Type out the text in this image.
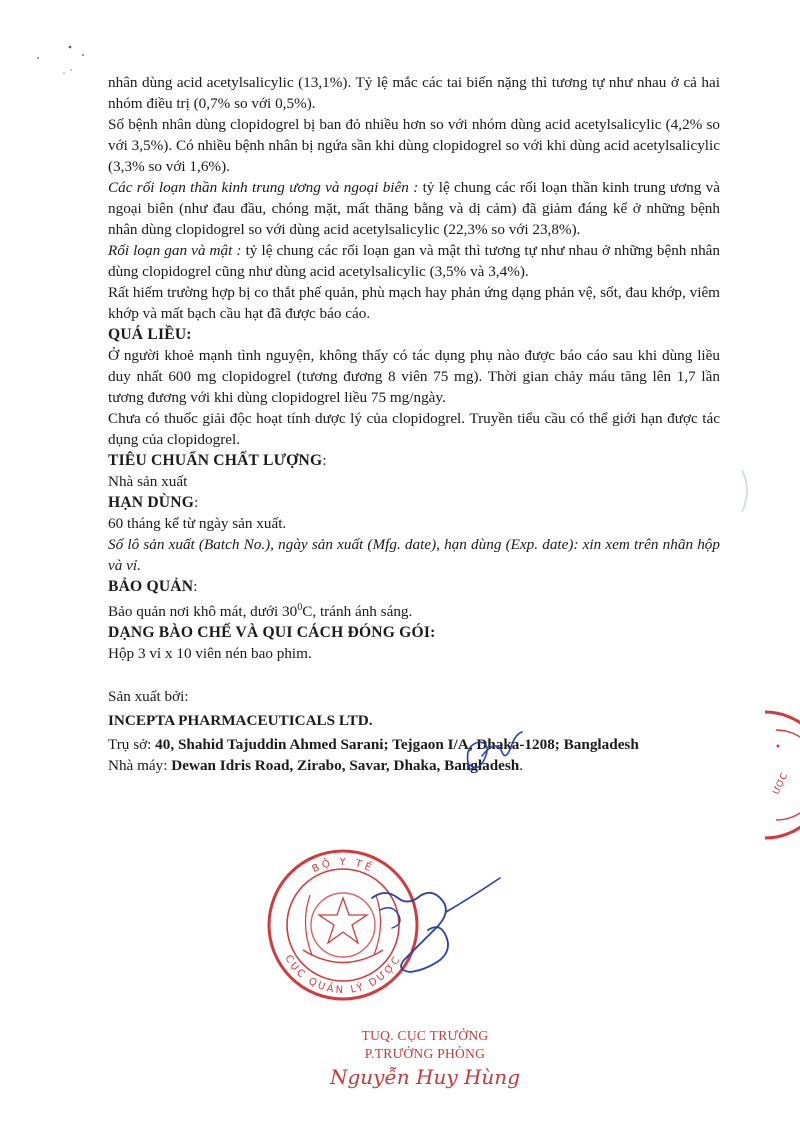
nhân dùng acid acetylsalicylic (13,1%). Tỷ lệ mắc các tai biến nặng thì tương tự như nhau ở cả hai nhóm điều trị (0,7% so với 0,5%).

Số bệnh nhân dùng clopidogrel bị ban đỏ nhiều hơn so với nhóm dùng acid acetylsalicylic (4,2% so với 3,5%). Có nhiều bệnh nhân bị ngứa sần khi dùng clopidogrel so với khi dùng acid acetylsalicylic (3,3% so với 1,6%).

Các rối loạn thần kinh trung ương và ngoại biên : tỷ lệ chung các rối loạn thần kinh trung ương và ngoại biên (như đau đầu, chóng mặt, mất thăng bằng và dị cảm) đã giảm đáng kể ở những bệnh nhân dùng clopidogrel so với dùng acid acetylsalicylic (22,3% so với 23,8%).

Rối loạn gan và mật : tỷ lệ chung các rối loạn gan và mật thì tương tự như nhau ở những bệnh nhân dùng clopidogrel cũng như dùng acid acetylsalicylic (3,5% và 3,4%).

Rất hiếm trường hợp bị co thắt phế quản, phù mạch hay phản ứng dạng phản vệ, sốt, đau khớp, viêm khớp và mất bạch cầu hạt đã được báo cáo.

QUÁ LIỀU:

Ở người khoẻ mạnh tình nguyện, không thấy có tác dụng phụ nào được báo cáo sau khi dùng liều duy nhất 600 mg clopidogrel (tương đương 8 viên 75 mg). Thời gian chảy máu tăng lên 1,7 lần tương đương với khi dùng clopidogrel liều 75 mg/ngày.

Chưa có thuốc giải độc hoạt tính dược lý của clopidogrel. Truyền tiểu cầu có thể giới hạn được tác dụng của clopidogrel.

TIÊU CHUẨN CHẤT LƯỢNG:

Nhà sản xuất

HẠN DÙNG:

60 tháng kể từ ngày sản xuất.

Số lô sản xuất (Batch No.), ngày sản xuất (Mfg. date), hạn dùng (Exp. date): xin xem trên nhãn hộp và vỉ.

BẢO QUẢN:

Bảo quản nơi khô mát, dưới $30^0C$, tránh ánh sáng.

DẠNG BÀO CHẾ VÀ QUI CÁCH ĐÓNG GÓI:

Hộp 3 vỉ x 10 viên nén bao phim.

Sản xuất bởi:

INCEPTA PHARMACEUTICALS LTD.

Trụ sở: 40, Shahid Tajuddin Ahmed Sarani; Tejgaon I/A, Dhaka-1208; Bangladesh

Nhà máy: Dewan Idris Road, Zirabo, Savar, Dhaka, Bangladesh.

BỘ Y TẾ
CỤC QUẢN LÝ DƯỢC
ƯỢC
TUQ. CỤC TRƯỞNG
P.TRƯỞNG PHÒNG
Nguyễn Huy Hùng
